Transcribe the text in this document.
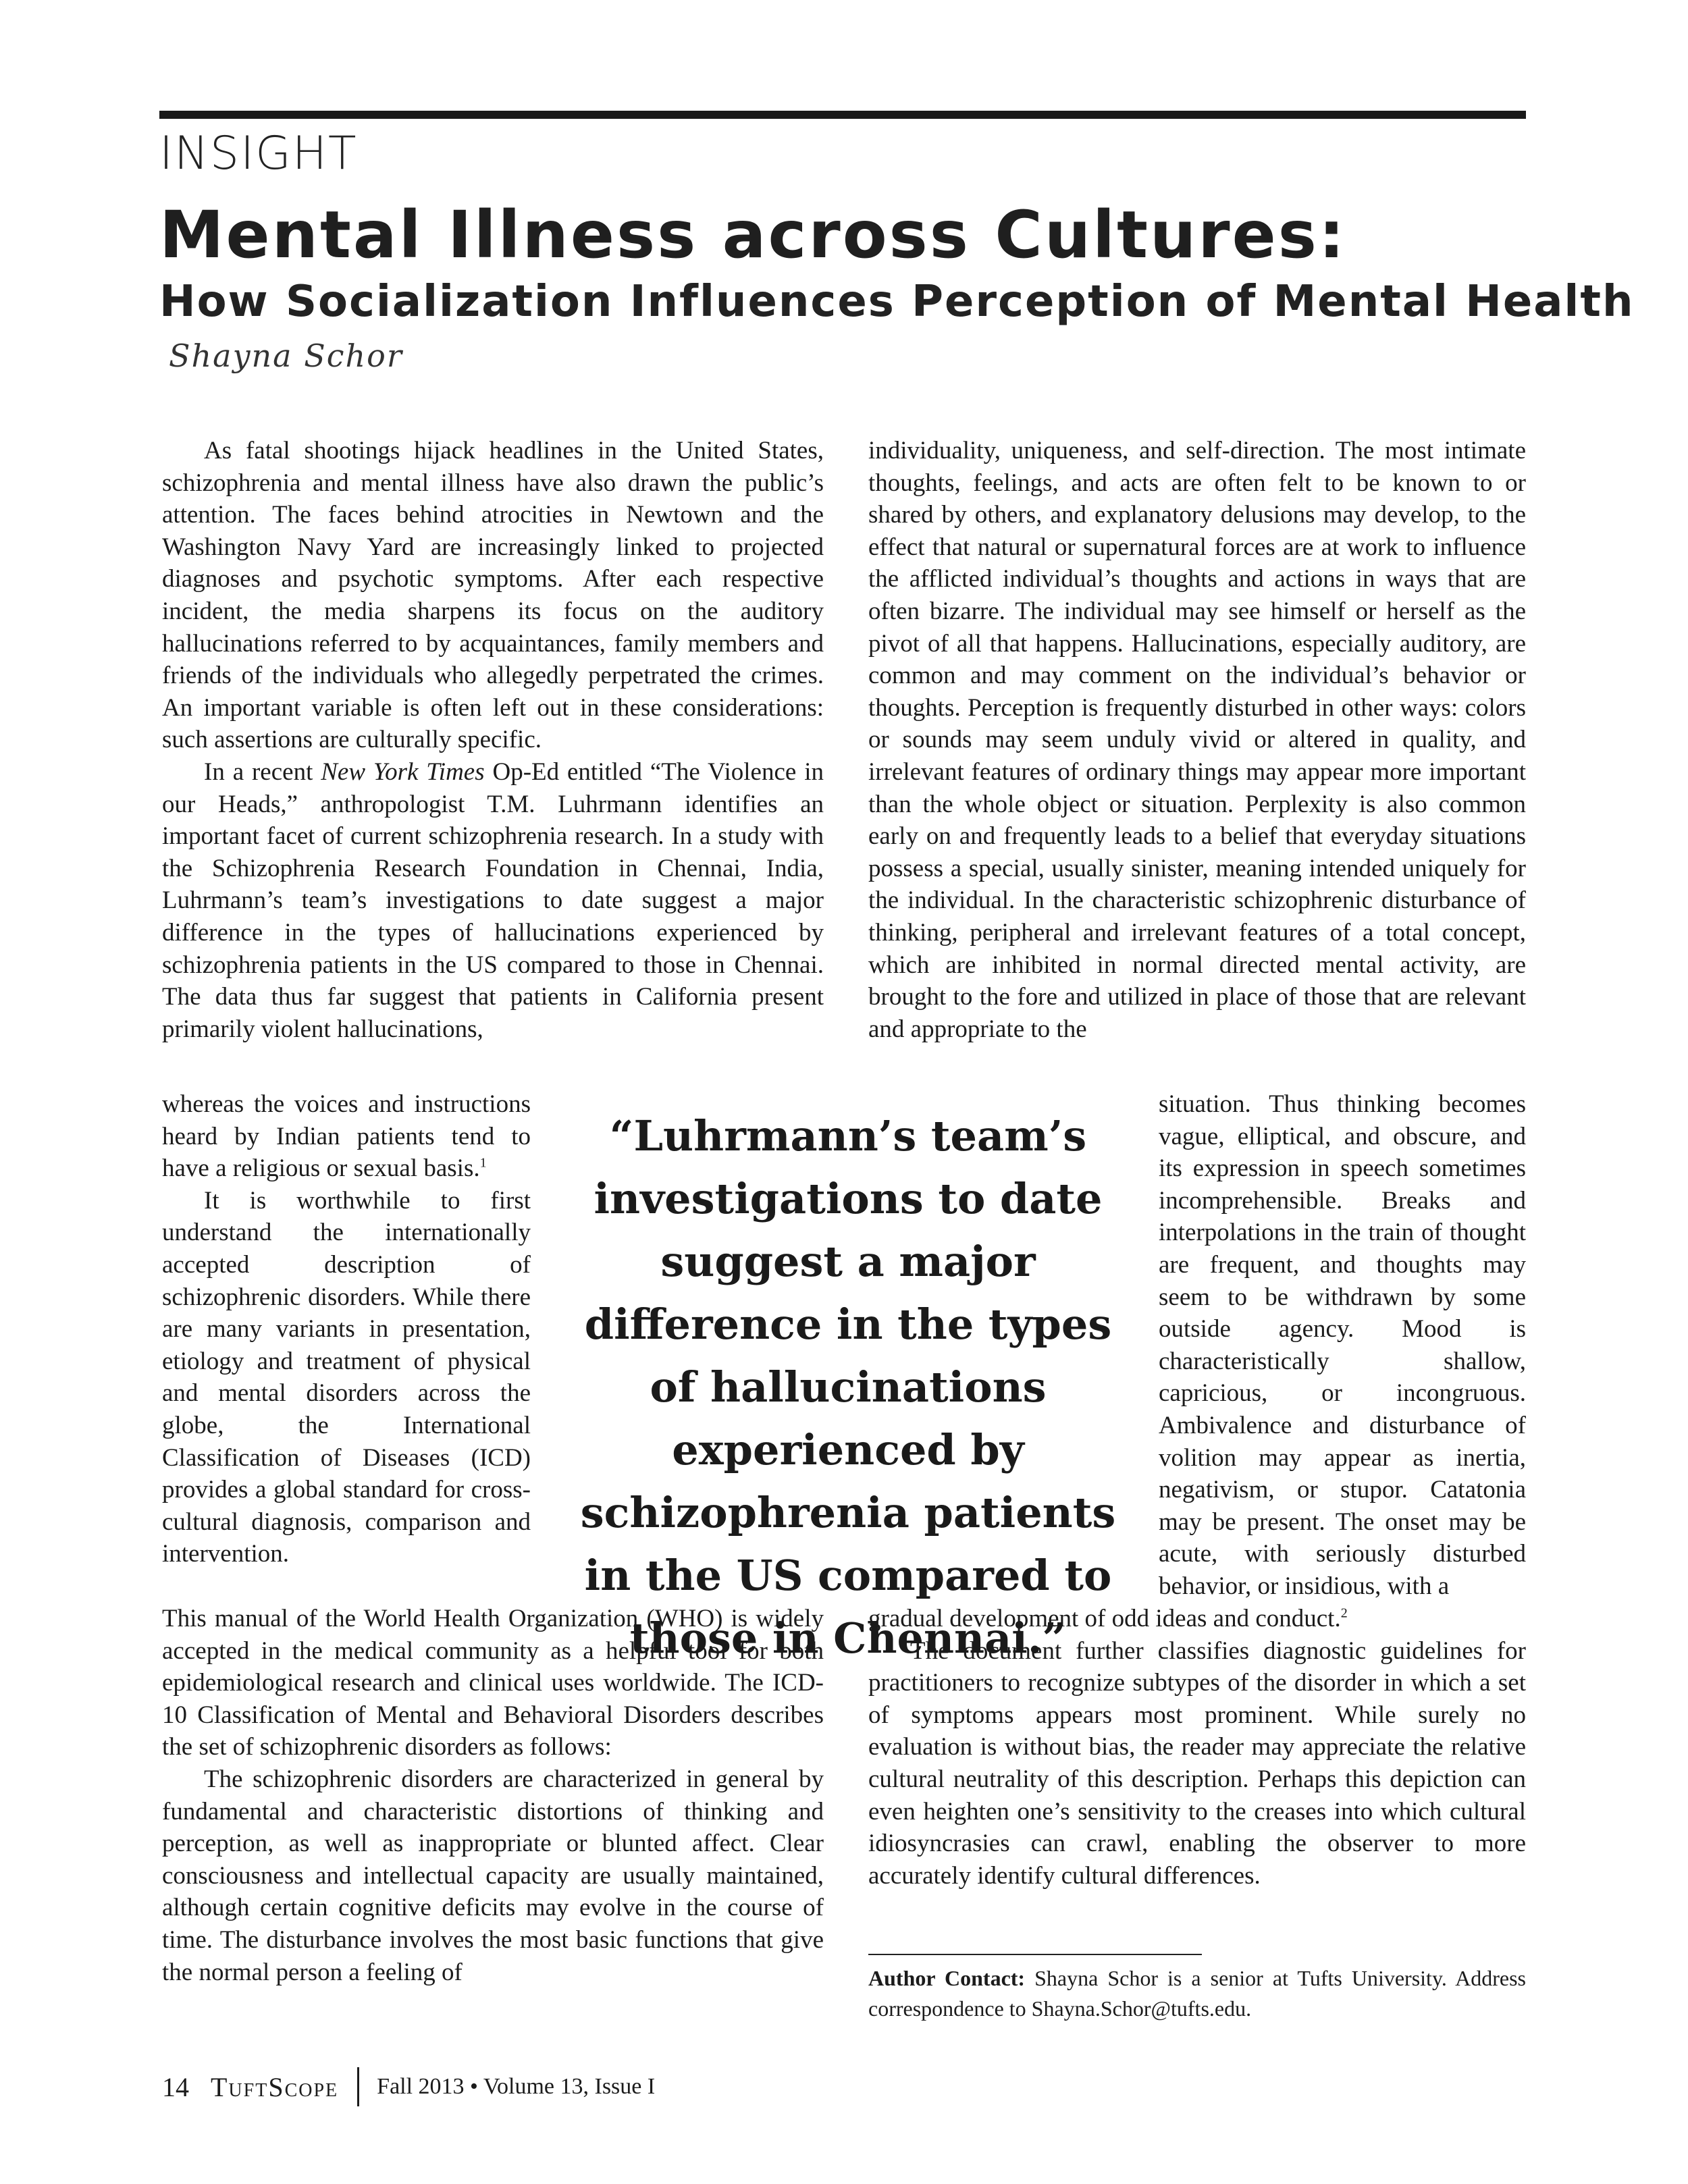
INSIGHT
Mental Illness across Cultures:
How Socialization Influences Perception of Mental Health
Shayna Schor

As fatal shootings hijack headlines in the United States, schizophrenia and mental illness have also drawn the public’s attention. The faces behind atrocities in Newtown and the Washington Navy Yard are increasingly linked to projected diagnoses and psychotic symptoms. After each respective incident, the media sharpens its focus on the auditory hallucinations referred to by acquaintances, family members and friends of the individuals who allegedly perpetrated the crimes. An important variable is often left out in these considerations: such assertions are culturally specific.

In a recent New York Times Op-Ed entitled “The Violence in our Heads,” anthropologist T.M. Luhrmann identifies an important facet of current schizophrenia research. In a study with the Schizophrenia Research Foundation in Chennai, India, Luhrmann’s team’s investigations to date suggest a major difference in the types of hallucinations experienced by schizophrenia patients in the US compared to those in Chennai. The data thus far suggest that patients in California present primarily violent hallucinations,

whereas the voices and instructions heard by Indian patients tend to have a religious or sexual basis.$^1$

It is worthwhile to first understand the internationally accepted description of schizophrenic disorders. While there are many variants in presentation, etiology and treatment of physical and mental disorders across the globe, the International Classification of Diseases (ICD) provides a global standard for cross-cultural diagnosis, comparison and intervention.

This manual of the World Health Organization (WHO) is widely accepted in the medical community as a helpful tool for both epidemiological research and clinical uses worldwide. The ICD-10 Classification of Mental and Behavioral Disorders describes the set of schizophrenic disorders as follows:

The schizophrenic disorders are characterized in general by fundamental and characteristic distortions of thinking and perception, as well as inappropriate or blunted affect. Clear consciousness and intellectual capacity are usually maintained, although certain cognitive deficits may evolve in the course of time. The disturbance involves the most basic functions that give the normal person a feeling of

individuality, uniqueness, and self-direction. The most intimate thoughts, feelings, and acts are often felt to be known to or shared by others, and explanatory delusions may develop, to the effect that natural or supernatural forces are at work to influence the afflicted individual’s thoughts and actions in ways that are often bizarre. The individual may see himself or herself as the pivot of all that happens. Hallucinations, especially auditory, are common and may comment on the individual’s behavior or thoughts. Perception is frequently disturbed in other ways: colors or sounds may seem unduly vivid or altered in quality, and irrelevant features of ordinary things may appear more important than the whole object or situation. Perplexity is also common early on and frequently leads to a belief that everyday situations possess a special, usually sinister, meaning intended uniquely for the individual. In the characteristic schizophrenic disturbance of thinking, peripheral and irrelevant features of a total concept, which are inhibited in normal directed mental activity, are brought to the fore and utilized in place of those that are relevant and appropriate to the

situation. Thus thinking becomes vague, elliptical, and obscure, and its expression in speech sometimes incomprehensible. Breaks and interpolations in the train of thought are frequent, and thoughts may seem to be withdrawn by some outside agency. Mood is characteristically shallow, capricious, or incongruous. Ambivalence and disturbance of volition may appear as inertia, negativism, or stupor. Catatonia may be present. The onset may be acute, with seriously disturbed behavior, or insidious, with a

gradual development of odd ideas and conduct.$^2$

The document further classifies diagnostic guidelines for practitioners to recognize subtypes of the disorder in which a set of symptoms appears most prominent. While surely no evaluation is without bias, the reader may appreciate the relative cultural neutrality of this description. Perhaps this depiction can even heighten one’s sensitivity to the creases into which cultural idiosyncrasies can crawl, enabling the observer to more accurately identify cultural differences.

“Luhrmann’s team’s investigations to date suggest a major difference in the types of hallucinations experienced by schizophrenia patients in the US compared to those in Chennai.”
Author Contact: Shayna Schor is a senior at Tufts University. Address correspondence to Shayna.Schor@tufts.edu.
14 TuftScope Fall 2013 • Volume 13, Issue I
